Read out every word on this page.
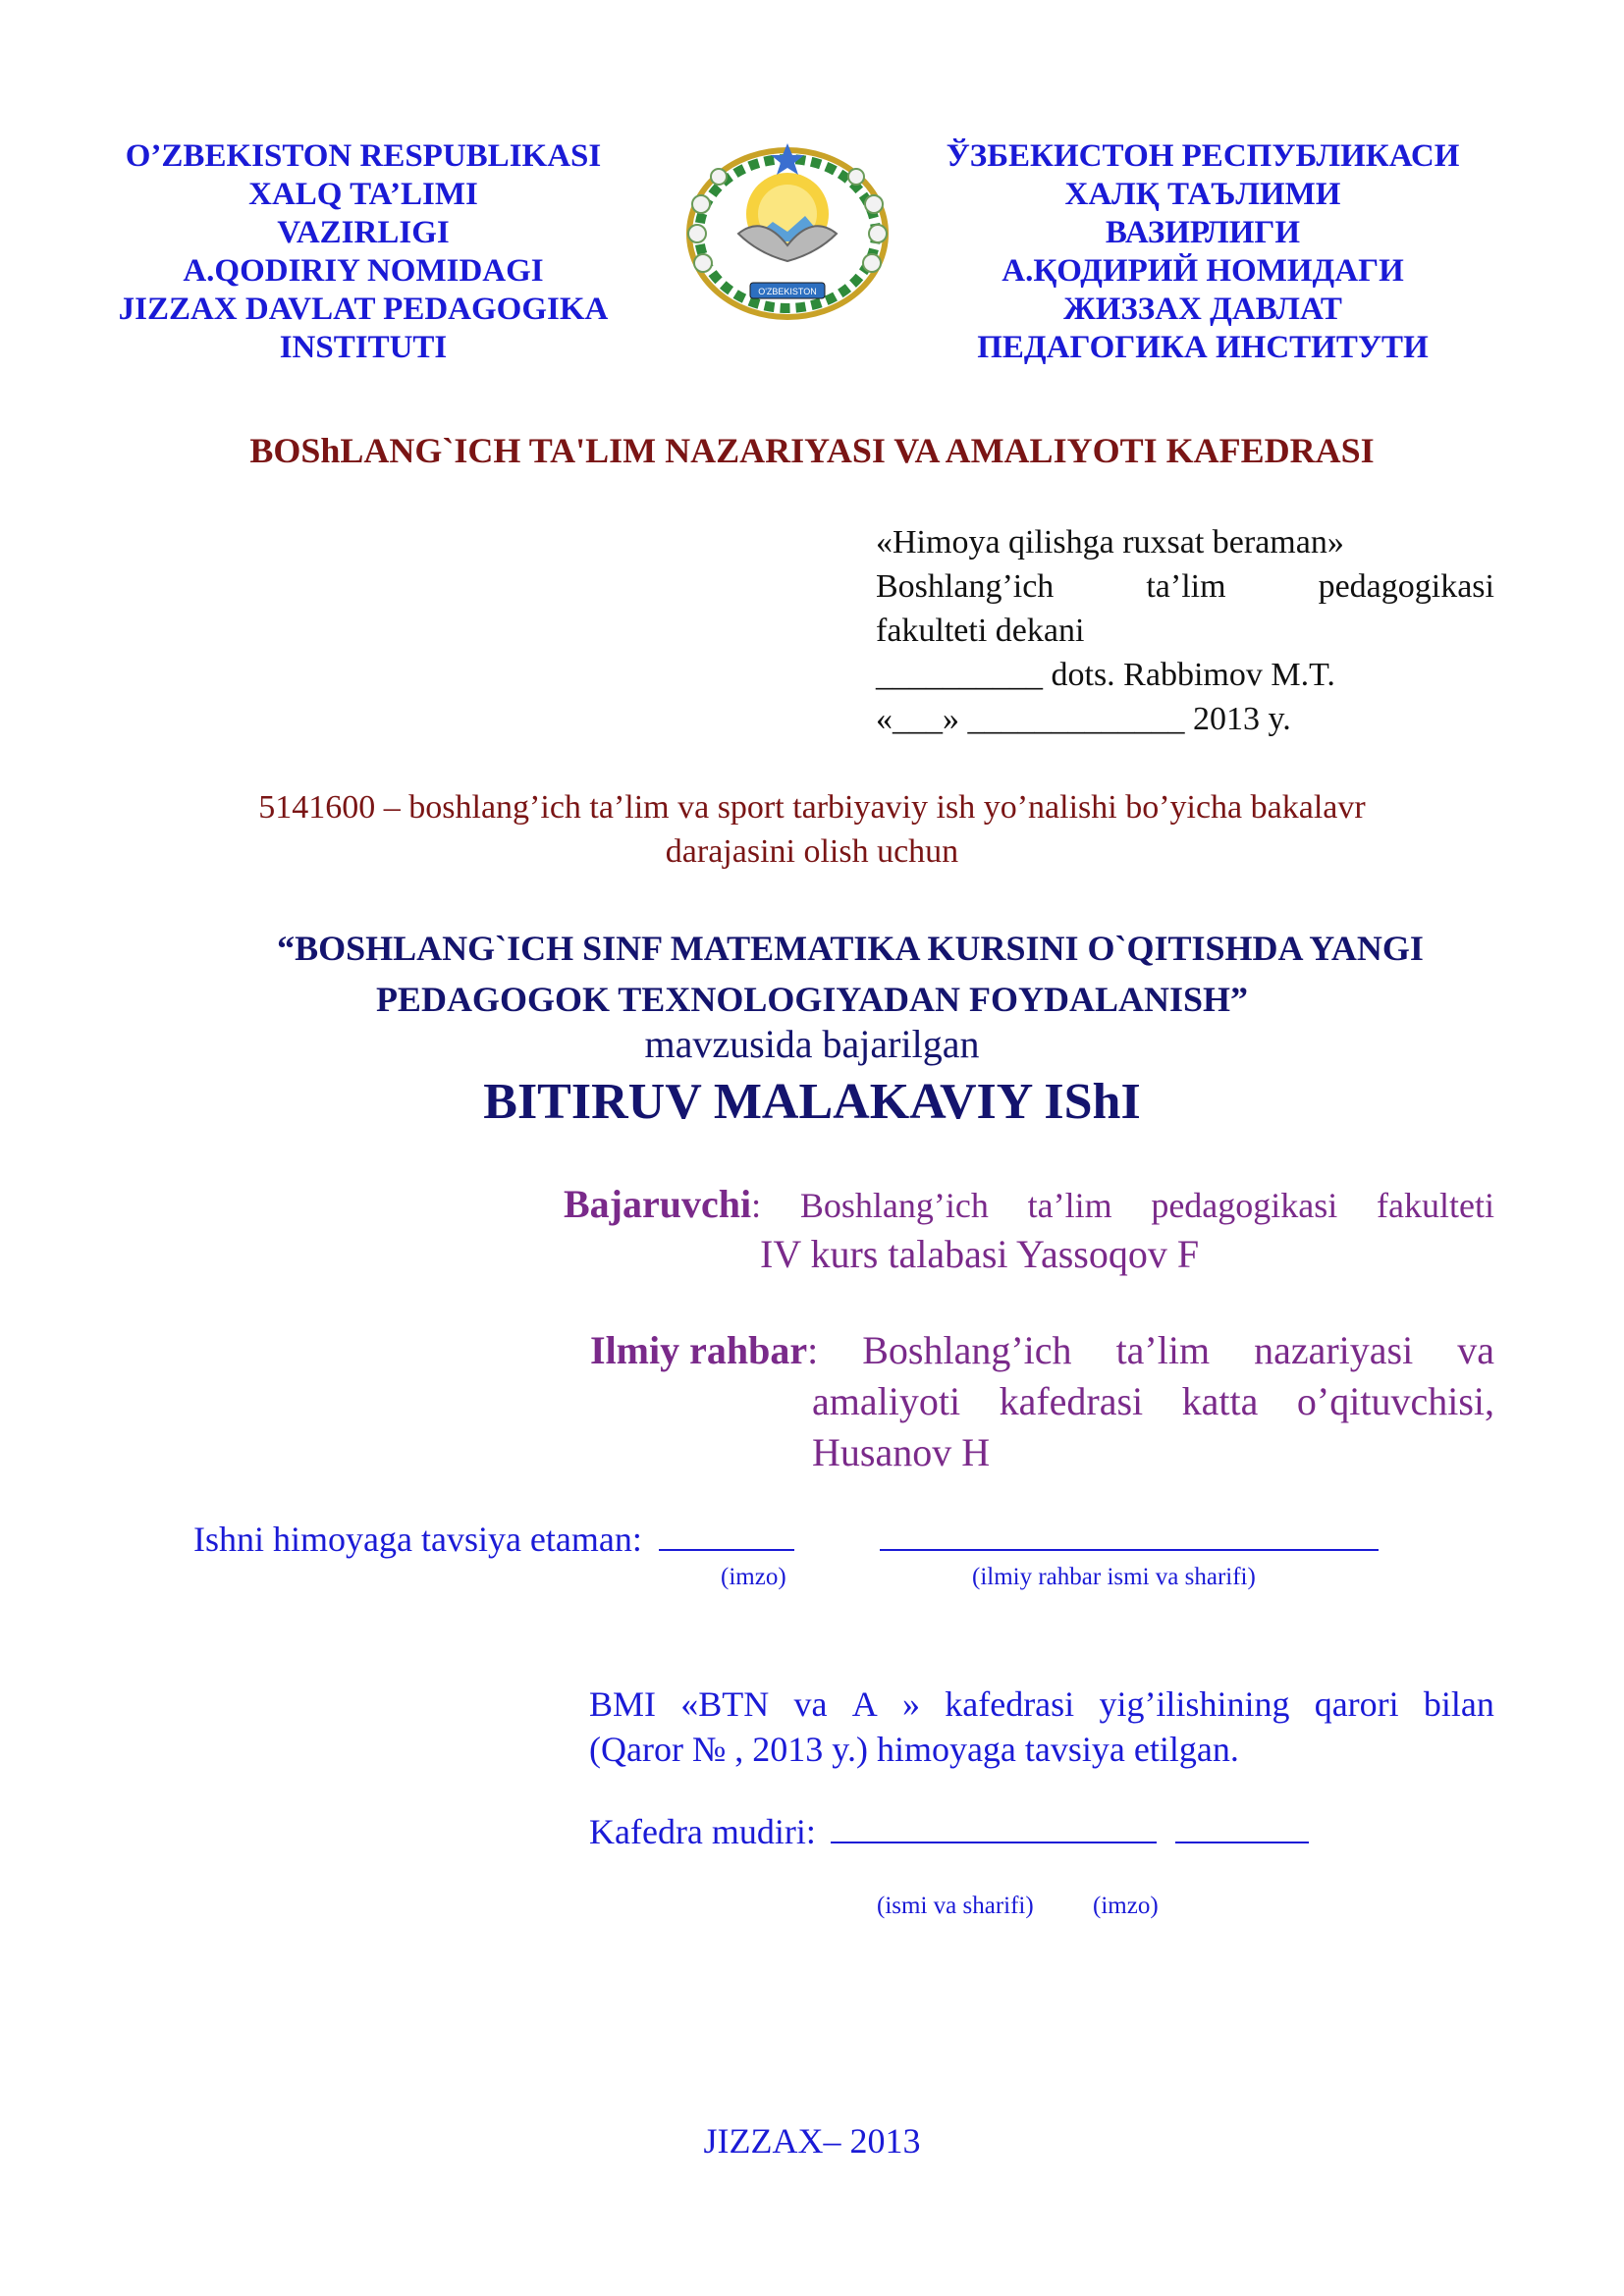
O’ZBEKISTON RESPUBLIKASI
XALQ TA’LIMI
VAZIRLIGI
A.QODIRIY NOMIDAGI
JIZZAX DAVLAT PEDAGOGIKA
INSTITUTI
O'ZBEKISTON
ЎЗБЕКИСТОН РЕСПУБЛИКАСИ
ХАЛҚ ТАЪЛИМИ
ВАЗИРЛИГИ
А.ҚОДИРИЙ НОМИДАГИ
ЖИЗЗАХ ДАВЛАТ
ПЕДАГОГИКА ИНСТИТУТИ
BOShLANG`ICH TA'LIM NAZARIYASI VA AMALIYOTI KAFEDRASI
«Himoya qilishga ruxsat beraman»
Boshlang’ich	ta’lim	pedagogikasi
fakulteti dekani
__________ dots. Rabbimov M.T.
«___» _____________ 2013 y.
5141600 – boshlang’ich ta’lim va sport tarbiyaviy ish yo’nalishi bo’yicha bakalavr
darajasini olish uchun
“BOSHLANG`ICH SINF MATEMATIKA KURSINI O`QITISHDA YANGI
PEDAGOGOK TEXNOLOGIYADAN FOYDALANISH”
mavzusida bajarilgan
BITIRUV MALAKAVIY IShI
Bajaruvchi: Boshlang’ich ta’lim pedagogikasi fakulteti
IV kurs talabasi Yassoqov F
Ilmiy rahbar: Boshlang’ich ta’lim nazariyasi va
amaliyoti kafedrasi katta o’qituvchisi,
Husanov H
Ishni himoyaga tavsiya etaman:
(imzo)	(ilmiy rahbar ismi va sharifi)
BMI «BTN va A » kafedrasi yig’ilishining qarori bilan
(Qaror № , 2013 y.) himoyaga tavsiya etilgan.
Kafedra mudiri:
(ismi va sharifi) (imzo)
JIZZAX– 2013
